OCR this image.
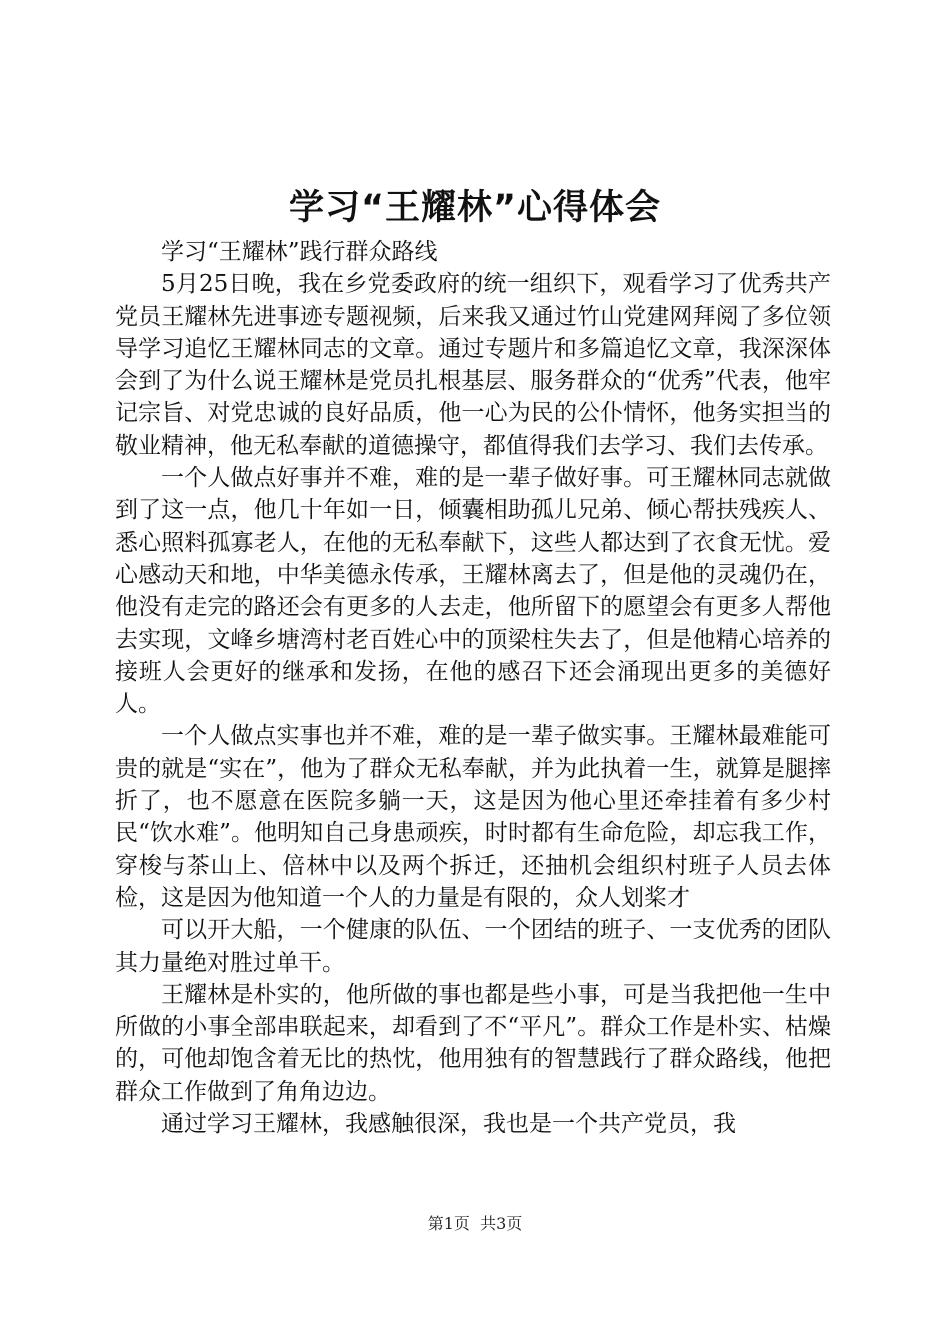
学习“王耀林”心得体会

学习“王耀林”践行群众路线

5月25日晚，我在乡党委政府的统一组织下，观看学习了优秀共产党员王耀林先进事迹专题视频，后来我又通过竹山党建网拜阅了多位领导学习追忆王耀林同志的文章。通过专题片和多篇追忆文章，我深深体会到了为什么说王耀林是党员扎根基层、服务群众的“优秀”代表，他牢记宗旨、对党忠诚的良好品质，他一心为民的公仆情怀，他务实担当的敬业精神，他无私奉献的道德操守，都值得我们去学习、我们去传承。

一个人做点好事并不难，难的是一辈子做好事。可王耀林同志就做到了这一点，他几十年如一日，倾囊相助孤儿兄弟、倾心帮扶残疾人、悉心照料孤寡老人，在他的无私奉献下，这些人都达到了衣食无忧。爱心感动天和地，中华美德永传承，王耀林离去了，但是他的灵魂仍在，他没有走完的路还会有更多的人去走，他所留下的愿望会有更多人帮他去实现，文峰乡塘湾村老百姓心中的顶梁柱失去了，但是他精心培养的接班人会更好的继承和发扬，在他的感召下还会涌现出更多的美德好人。

一个人做点实事也并不难，难的是一辈子做实事。王耀林最难能可贵的就是“实在”，他为了群众无私奉献，并为此执着一生，就算是腿摔折了，也不愿意在医院多躺一天，这是因为他心里还牵挂着有多少村民“饮水难”。他明知自己身患顽疾，时时都有生命危险，却忘我工作，穿梭与茶山上、倍林中以及两个拆迁，还抽机会组织村班子人员去体检，这是因为他知道一个人的力量是有限的，众人划桨才

可以开大船，一个健康的队伍、一个团结的班子、一支优秀的团队其力量绝对胜过单干。

王耀林是朴实的，他所做的事也都是些小事，可是当我把他一生中所做的小事全部串联起来，却看到了不“平凡”。群众工作是朴实、枯燥的，可他却饱含着无比的热忱，他用独有的智慧践行了群众路线，他把群众工作做到了角角边边。

通过学习王耀林，我感触很深，我也是一个共产党员，我

第1页 共3页
